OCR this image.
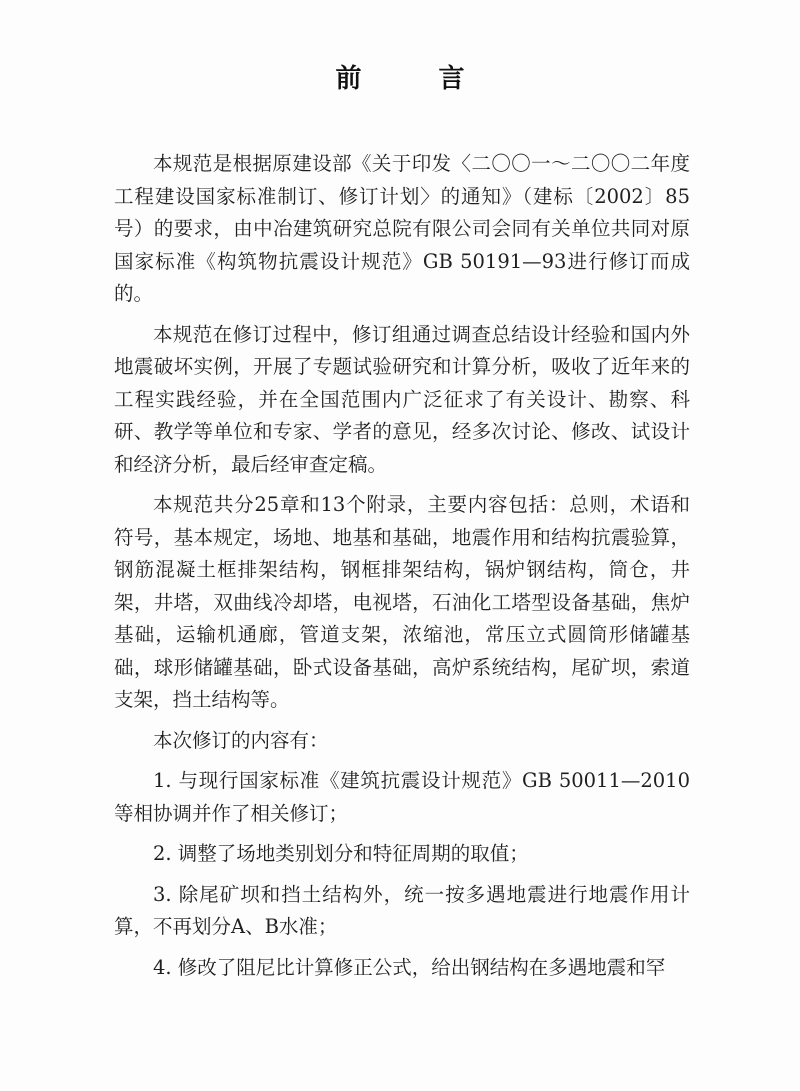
前 言

本规范是根据原建设部《关于印发〈二〇〇一～二〇〇二年度工程建设国家标准制订、修订计划〉的通知》（建标〔2002〕85号）的要求，由中冶建筑研究总院有限公司会同有关单位共同对原国家标准《构筑物抗震设计规范》GB 50191—93进行修订而成的。

本规范在修订过程中，修订组通过调查总结设计经验和国内外地震破坏实例，开展了专题试验研究和计算分析，吸收了近年来的工程实践经验，并在全国范围内广泛征求了有关设计、勘察、科研、教学等单位和专家、学者的意见，经多次讨论、修改、试设计和经济分析，最后经审查定稿。

本规范共分25章和13个附录，主要内容包括：总则，术语和符号，基本规定，场地、地基和基础，地震作用和结构抗震验算，钢筋混凝土框排架结构，钢框排架结构，锅炉钢结构，筒仓，井架，井塔，双曲线冷却塔，电视塔，石油化工塔型设备基础，焦炉基础，运输机通廊，管道支架，浓缩池，常压立式圆筒形储罐基础，球形储罐基础，卧式设备基础，高炉系统结构，尾矿坝，索道支架，挡土结构等。

本次修订的内容有：

1. 与现行国家标准《建筑抗震设计规范》GB 50011—2010等相协调并作了相关修订；

2. 调整了场地类别划分和特征周期的取值；

3. 除尾矿坝和挡土结构外，统一按多遇地震进行地震作用计算，不再划分A、B水准；

4. 修改了阻尼比计算修正公式，给出钢结构在多遇地震和罕
